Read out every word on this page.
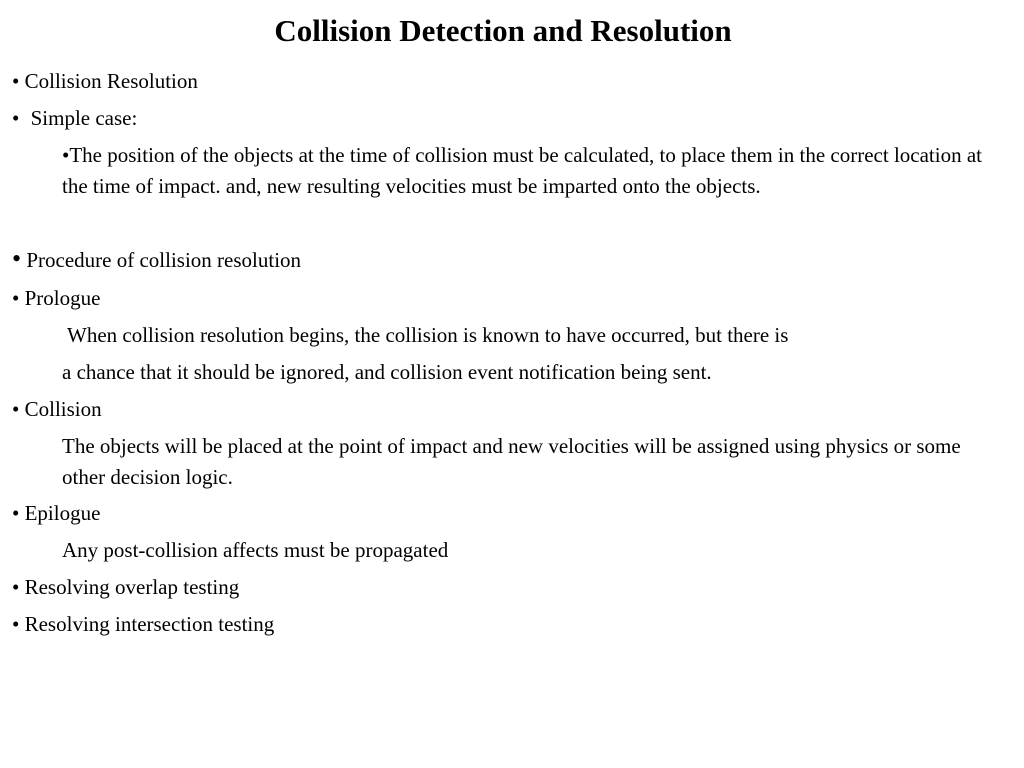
Collision Detection and Resolution
• Collision Resolution
• Simple case:
•The position of the objects at the time of collision must be calculated, to place them in the correct location at the time of impact. and, new resulting velocities must be imparted onto the objects.
• Procedure of collision resolution
• Prologue
When collision resolution begins, the collision is known to have occurred, but there is
a chance that it should be ignored, and collision event notification being sent.
• Collision
The objects will be placed at the point of impact and new velocities will be assigned using physics or some other decision logic.
• Epilogue
Any post-collision affects must be propagated
• Resolving overlap testing
• Resolving intersection testing
